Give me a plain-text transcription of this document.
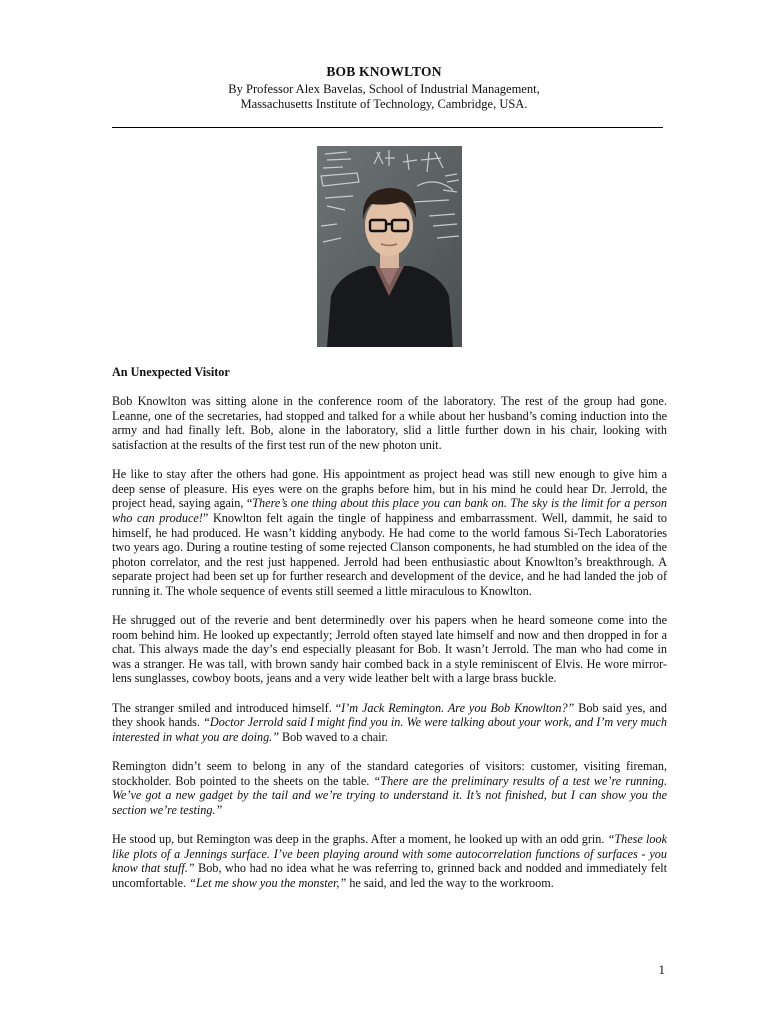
BOB KNOWLTON
By Professor Alex Bavelas, School of Industrial Management,
Massachusetts Institute of Technology, Cambridge, USA.
An Unexpected Visitor

Bob Knowlton was sitting alone in the conference room of the laboratory. The rest of the group had gone. Leanne, one of the secretaries, had stopped and talked for a while about her husband’s coming induction into the army and had finally left. Bob, alone in the laboratory, slid a little further down in his chair, looking with satisfaction at the results of the first test run of the new photon unit.

He like to stay after the others had gone. His appointment as project head was still new enough to give him a deep sense of pleasure. His eyes were on the graphs before him, but in his mind he could hear Dr. Jerrold, the project head, saying again, “There’s one thing about this place you can bank on. The sky is the limit for a person who can produce!” Knowlton felt again the tingle of happiness and embarrassment. Well, dammit, he said to himself, he had produced. He wasn’t kidding anybody. He had come to the world famous Si-Tech Laboratories two years ago. During a routine testing of some rejected Clanson components, he had stumbled on the idea of the photon correlator, and the rest just happened. Jerrold had been enthusiastic about Knowlton’s breakthrough. A separate project had been set up for further research and development of the device, and he had landed the job of running it. The whole sequence of events still seemed a little miraculous to Knowlton.

He shrugged out of the reverie and bent determinedly over his papers when he heard someone come into the room behind him. He looked up expectantly; Jerrold often stayed late himself and now and then dropped in for a chat. This always made the day’s end especially pleasant for Bob. It wasn’t Jerrold. The man who had come in was a stranger. He was tall, with brown sandy hair combed back in a style reminiscent of Elvis. He wore mirror-lens sunglasses, cowboy boots, jeans and a very wide leather belt with a large brass buckle.

The stranger smiled and introduced himself. “I’m Jack Remington. Are you Bob Knowlton?” Bob said yes, and they shook hands. “Doctor Jerrold said I might find you in. We were talking about your work, and I’m very much interested in what you are doing.” Bob waved to a chair.

Remington didn’t seem to belong in any of the standard categories of visitors: customer, visiting fireman, stockholder. Bob pointed to the sheets on the table. “There are the preliminary results of a test we’re running. We’ve got a new gadget by the tail and we’re trying to understand it. It’s not finished, but I can show you the section we’re testing.”

He stood up, but Remington was deep in the graphs. After a moment, he looked up with an odd grin. “These look like plots of a Jennings surface. I’ve been playing around with some autocorrelation functions of surfaces - you know that stuff.” Bob, who had no idea what he was referring to, grinned back and nodded and immediately felt uncomfortable. “Let me show you the monster,” he said, and led the way to the workroom.

1
